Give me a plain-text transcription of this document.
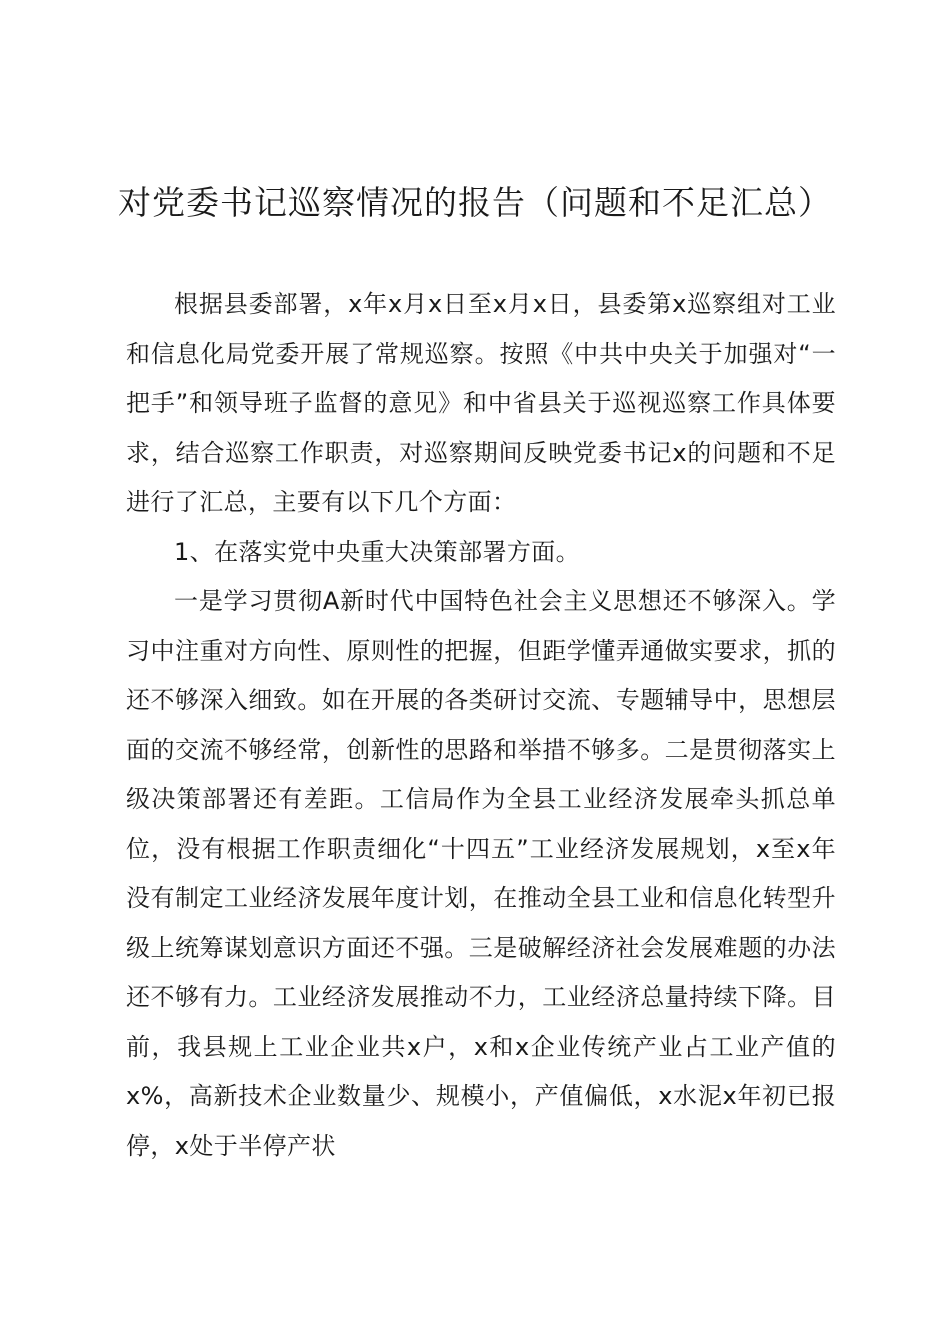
对党委书记巡察情况的报告（问题和不足汇总）

根据县委部署，x年x月x日至x月x日，县委第x巡察组对工业和信息化局党委开展了常规巡察。按照《中共中央关于加强对“一把手”和领导班子监督的意见》和中省县关于巡视巡察工作具体要求，结合巡察工作职责，对巡察期间反映党委书记x的问题和不足进行了汇总，主要有以下几个方面：

1、在落实党中央重大决策部署方面。

一是学习贯彻A新时代中国特色社会主义思想还不够深入。学习中注重对方向性、原则性的把握，但距学懂弄通做实要求，抓的还不够深入细致。如在开展的各类研讨交流、专题辅导中，思想层面的交流不够经常，创新性的思路和举措不够多。二是贯彻落实上级决策部署还有差距。工信局作为全县工业经济发展牵头抓总单位，没有根据工作职责细化“十四五”工业经济发展规划，x至x年没有制定工业经济发展年度计划，在推动全县工业和信息化转型升级上统筹谋划意识方面还不强。三是破解经济社会发展难题的办法还不够有力。工业经济发展推动不力，工业经济总量持续下降。目前，我县规上工业企业共x户，x和x企业传统产业占工业产值的x%，高新技术企业数量少、规模小，产值偏低，x水泥x年初已报停，x处于半停产状
